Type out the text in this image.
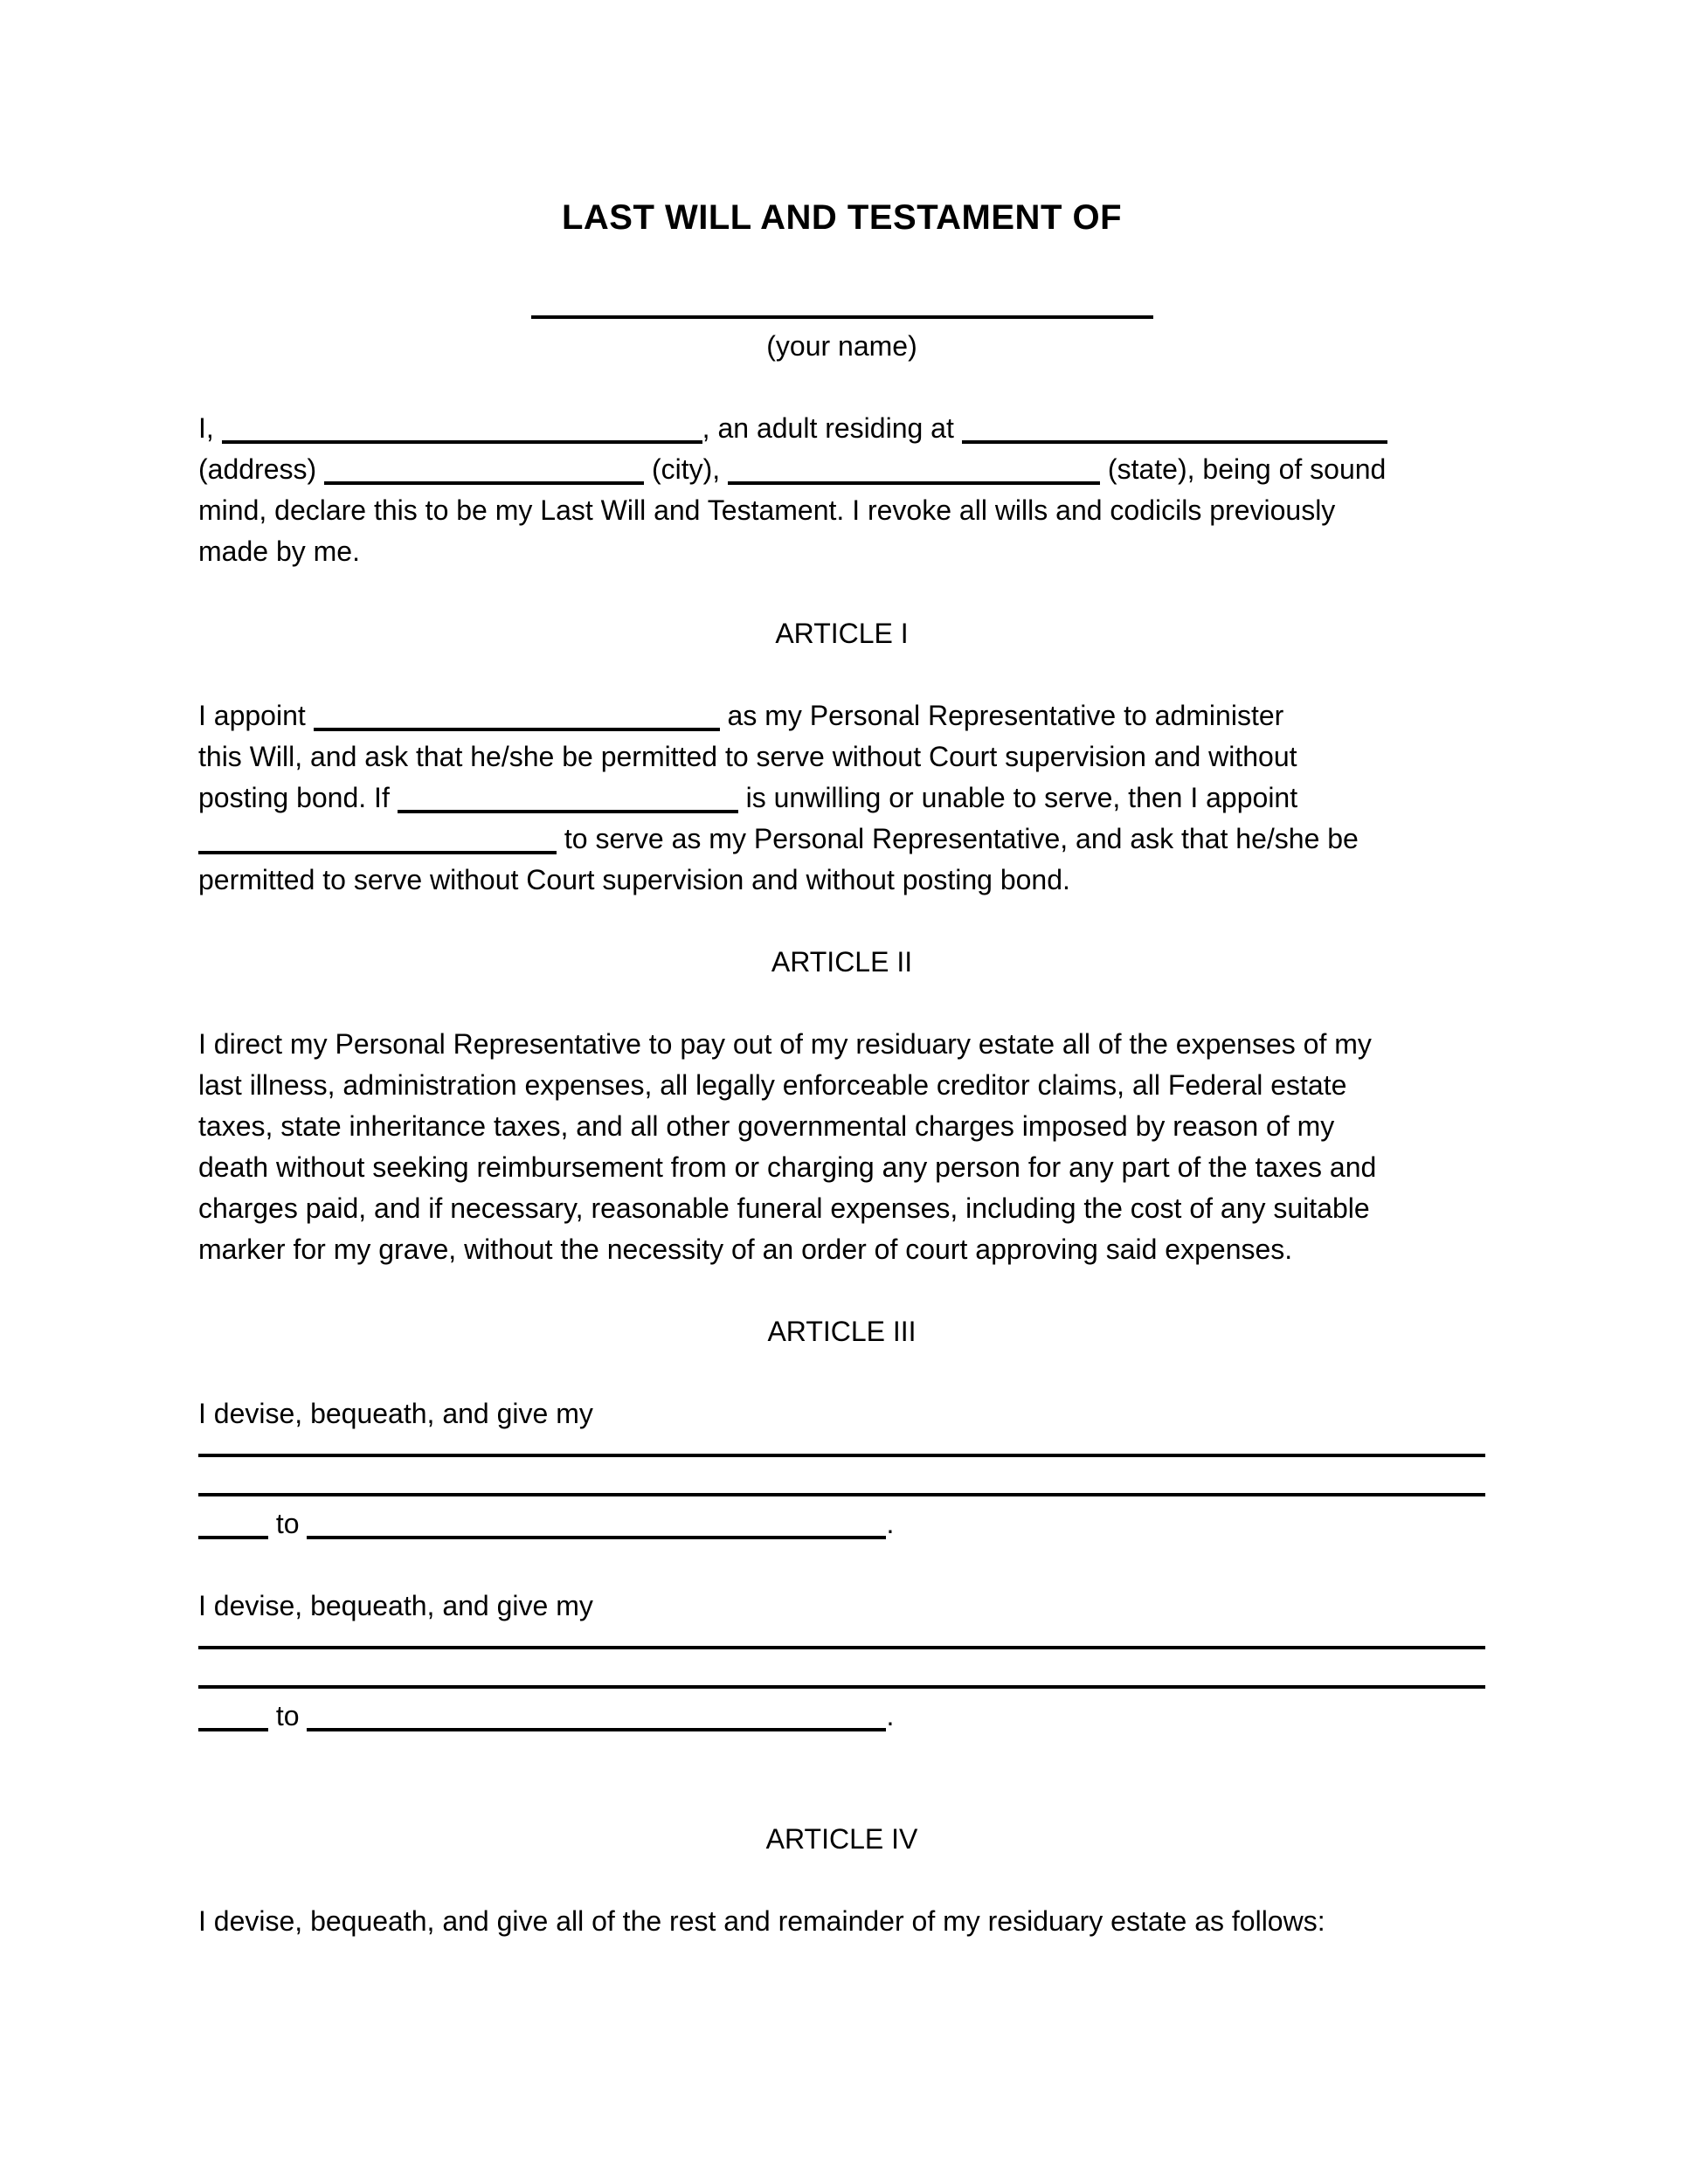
LAST WILL AND TESTAMENT OF
(your name)
I,	, an adult residing at
(address)	(city),	(state), being of sound
mind, declare this to be my Last Will and Testament. I revoke all wills and codicils previously
made by me.
ARTICLE I
I appoint	as my Personal Representative to administer
this Will, and ask that he/she be permitted to serve without Court supervision and without
posting bond. If	is unwilling or unable to serve, then I appoint
to serve as my Personal Representative, and ask that he/she be
permitted to serve without Court supervision and without posting bond.
ARTICLE II
I direct my Personal Representative to pay out of my residuary estate all of the expenses of my
last illness, administration expenses, all legally enforceable creditor claims, all Federal estate
taxes, state inheritance taxes, and all other governmental charges imposed by reason of my
death without seeking reimbursement from or charging any person for any part of the taxes and
charges paid, and if necessary, reasonable funeral expenses, including the cost of any suitable
marker for my grave, without the necessity of an order of court approving said expenses.
ARTICLE III
I devise, bequeath, and give my
to	.
I devise, bequeath, and give my
to	.
ARTICLE IV
I devise, bequeath, and give all of the rest and remainder of my residuary estate as follows:
